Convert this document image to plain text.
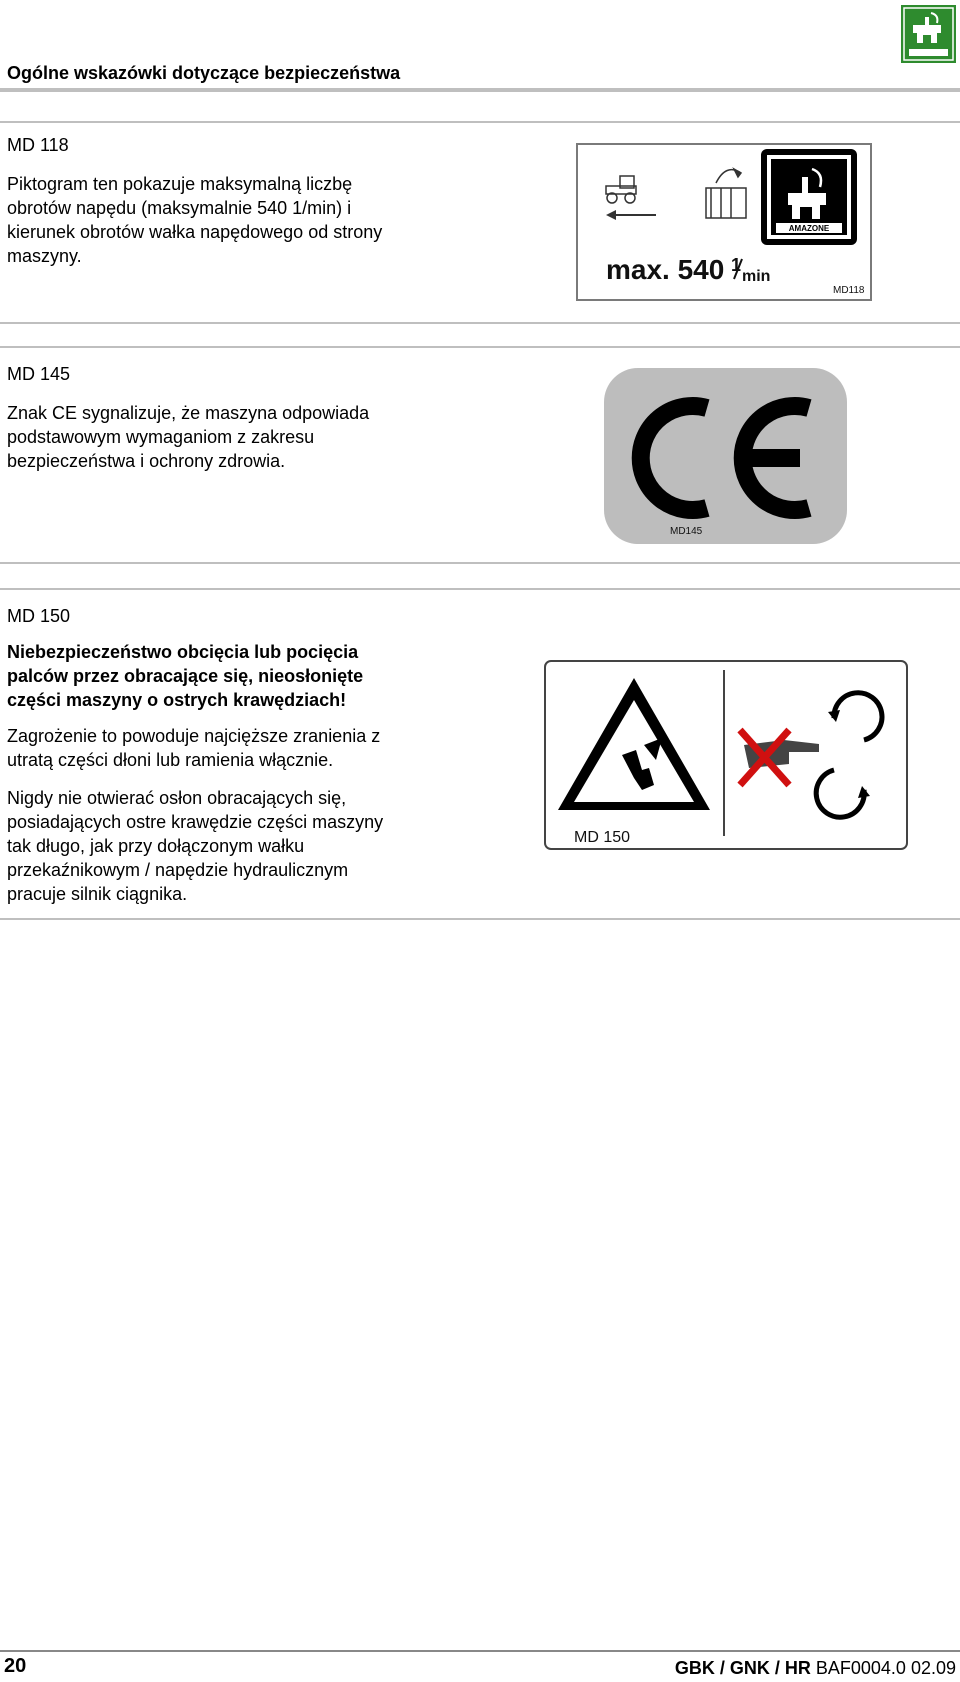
Ogólne wskazówki dotyczące bezpieczeństwa
MD 118
Piktogram ten pokazuje maksymalną liczbę
obrotów napędu (maksymalnie 540 1/min) i
kierunek obrotów wałka napędowego od strony
maszyny.
AMAZONE
max. 540 1
min
MD118
MD 145
Znak CE sygnalizuje, że maszyna odpowiada
podstawowym wymaganiom z zakresu
bezpieczeństwa i ochrony zdrowia.
MD145
MD 150
Niebezpieczeństwo obcięcia lub pocięcia
palców przez obracające się, nieosłonięte
części maszyny o ostrych krawędziach!
Zagrożenie to powoduje najcięższe zranienia z
utratą części dłoni lub ramienia włącznie.
Nigdy nie otwierać osłon obracających się,
posiadających ostre krawędzie części maszyny
tak długo, jak przy dołączonym wałku
przekaźnikowym / napędzie hydraulicznym
pracuje silnik ciągnika.
MD 150
20	GBK / GNK / HR BAF0004.0 02.09
